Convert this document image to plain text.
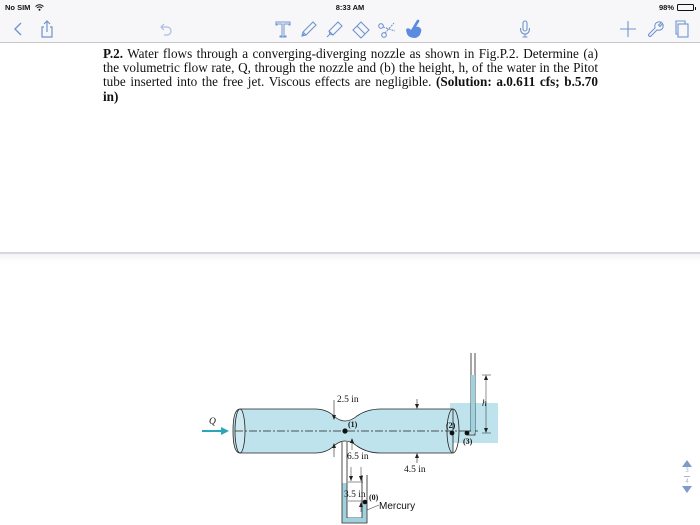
No SIM	8:33 AM	98%
P.2. Water flows through a converging-diverging nozzle as shown in Fig.P.2. Determine (a) the volumetric flow rate, Q, through the nozzle and (b) the height, h, of the water in the Pitot tube inserted into the free jet. Viscous effects are negligible. (Solution: a.0.611 cfs; b.5.70 in)
Q	(1)
2.5 in
4.5 in
(2)
(3)
h
(0)
6.5 in
3.5 in
Mercury
3
4
